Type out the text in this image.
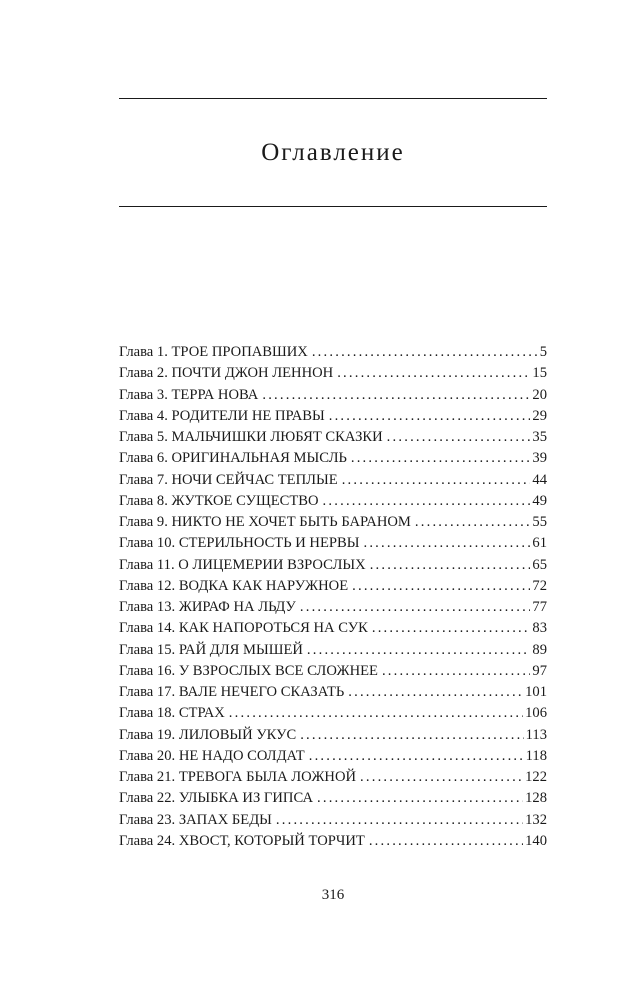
Оглавление
Глава 1. ТРОЕ ПРОПАВШИХ .....	5
Глава 2. ПОЧТИ ДЖОН ЛЕННОН .....	15
Глава 3. ТЕРРА НОВА .....	20
Глава 4. РОДИТЕЛИ НЕ ПРАВЫ .....	29
Глава 5. МАЛЬЧИШКИ ЛЮБЯТ СКАЗКИ .....	35
Глава 6. ОРИГИНАЛЬНАЯ МЫСЛЬ .....	39
Глава 7. НОЧИ СЕЙЧАС ТЕПЛЫЕ .....	44
Глава 8. ЖУТКОЕ СУЩЕСТВО .....	49
Глава 9. НИКТО НЕ ХОЧЕТ БЫТЬ БАРАНОМ .....	55
Глава 10. СТЕРИЛЬНОСТЬ И НЕРВЫ .....	61
Глава 11. О ЛИЦЕМЕРИИ ВЗРОСЛЫХ .....	65
Глава 12. ВОДКА КАК НАРУЖНОЕ .....	72
Глава 13. ЖИРАФ НА ЛЬДУ .....	77
Глава 14. КАК НАПОРОТЬСЯ НА СУК .....	83
Глава 15. РАЙ ДЛЯ МЫШЕЙ .....	89
Глава 16. У ВЗРОСЛЫХ ВСЕ СЛОЖНЕЕ .....	97
Глава 17. ВАЛЕ НЕЧЕГО СКАЗАТЬ .....	101
Глава 18. СТРАХ .....	106
Глава 19. ЛИЛОВЫЙ УКУС .....	113
Глава 20. НЕ НАДО СОЛДАТ .....	118
Глава 21. ТРЕВОГА БЫЛА ЛОЖНОЙ .....	122
Глава 22. УЛЫБКА ИЗ ГИПСА .....	128
Глава 23. ЗАПАХ БЕДЫ .....	132
Глава 24. ХВОСТ, КОТОРЫЙ ТОРЧИТ .....	140
316
